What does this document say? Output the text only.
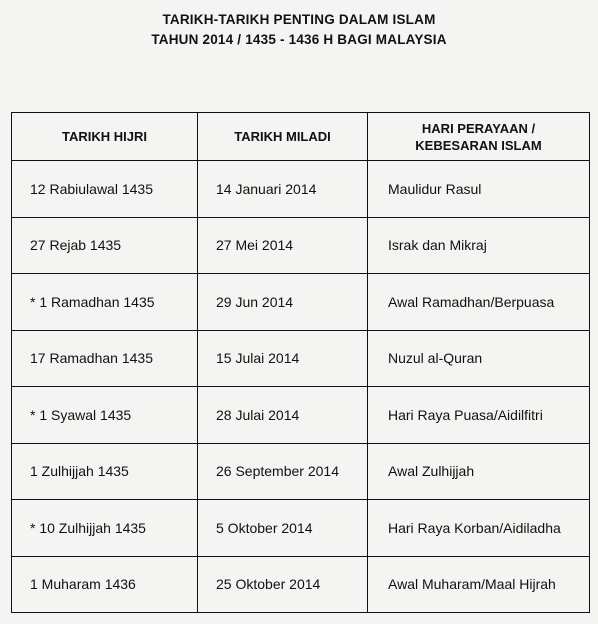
TARIKH-TARIKH PENTING DALAM ISLAM
TAHUN 2014 / 1435 - 1436 H BAGI MALAYSIA
TARIKH HIJRI	TARIKH MILADI	HARI PERAYAAN /
KEBESARAN ISLAM

12 Rabiulawal 1435	14 Januari 2014	Maulidur Rasul
27 Rejab 1435	27 Mei 2014	Israk dan Mikraj
* 1 Ramadhan 1435	29 Jun 2014	Awal Ramadhan/Berpuasa
17 Ramadhan 1435	15 Julai 2014	Nuzul al-Quran
* 1 Syawal 1435	28 Julai 2014	Hari Raya Puasa/Aidilfitri
1 Zulhijjah 1435	26 September 2014	Awal Zulhijjah
* 10 Zulhijjah 1435	5 Oktober 2014	Hari Raya Korban/Aidiladha
1 Muharam 1436	25 Oktober 2014	Awal Muharam/Maal Hijrah
